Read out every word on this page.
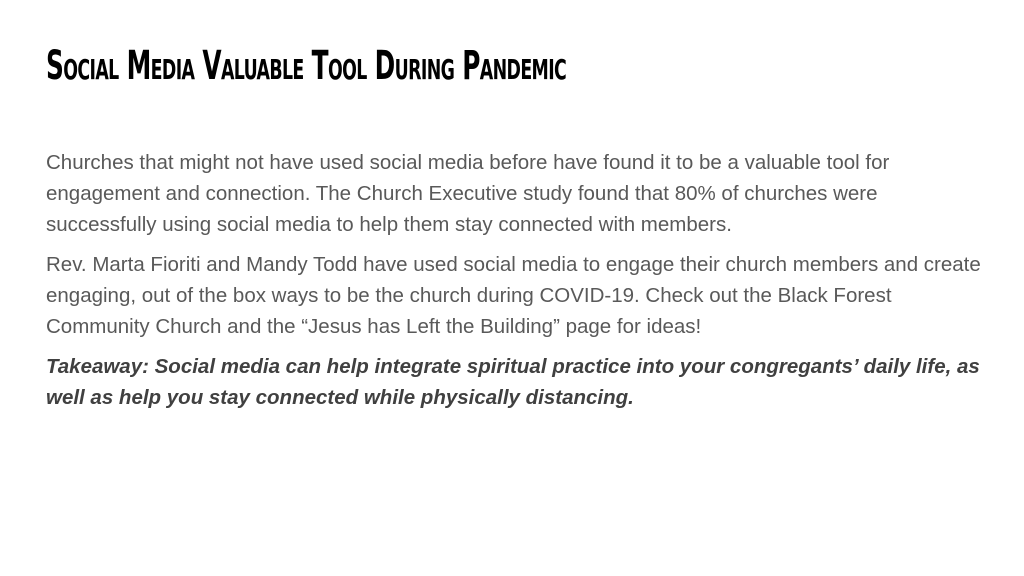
Social Media Valuable Tool During Pandemic

Churches that might not have used social media before have found it to be a valuable tool for engagement and connection. The Church Executive study found that 80% of churches were successfully using social media to help them stay connected with members.

Rev. Marta Fioriti and Mandy Todd have used social media to engage their church members and create engaging, out of the box ways to be the church during COVID-19. Check out the Black Forest Community Church and the “Jesus has Left the Building” page for ideas!

Takeaway: Social media can help integrate spiritual practice into your congregants’ daily life, as well as help you stay connected while physically distancing.
